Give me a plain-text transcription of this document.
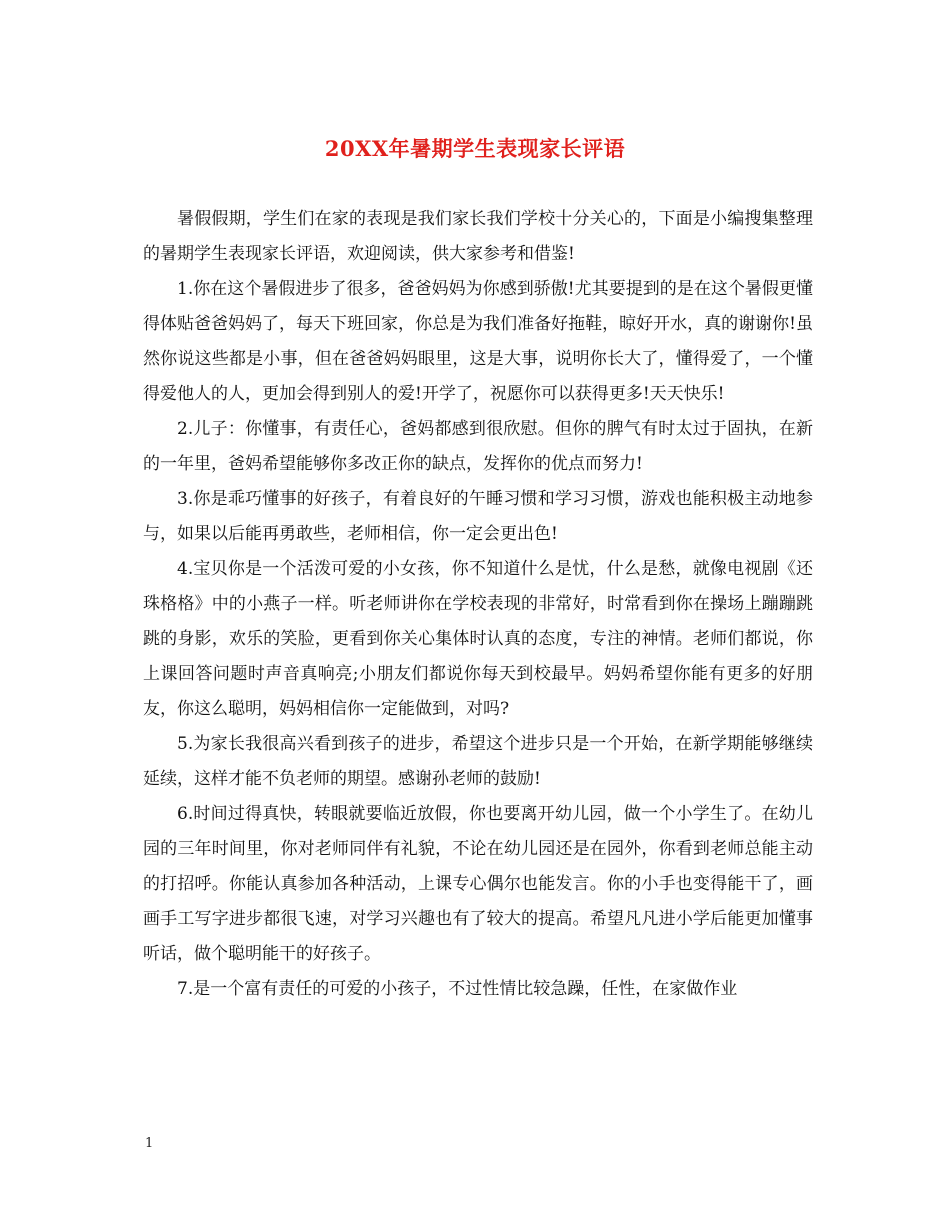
20XX年暑期学生表现家长评语

暑假假期，学生们在家的表现是我们家长我们学校十分关心的，下面是小编搜集整理的暑期学生表现家长评语，欢迎阅读，供大家参考和借鉴!

1.你在这个暑假进步了很多，爸爸妈妈为你感到骄傲!尤其要提到的是在这个暑假更懂得体贴爸爸妈妈了，每天下班回家，你总是为我们准备好拖鞋，晾好开水，真的谢谢你!虽然你说这些都是小事，但在爸爸妈妈眼里，这是大事，说明你长大了，懂得爱了，一个懂得爱他人的人，更加会得到别人的爱!开学了，祝愿你可以获得更多!天天快乐!

2.儿子：你懂事，有责任心，爸妈都感到很欣慰。但你的脾气有时太过于固执，在新的一年里，爸妈希望能够你多改正你的缺点，发挥你的优点而努力!

3.你是乖巧懂事的好孩子，有着良好的午睡习惯和学习习惯，游戏也能积极主动地参与，如果以后能再勇敢些，老师相信，你一定会更出色!

4.宝贝你是一个活泼可爱的小女孩，你不知道什么是忧，什么是愁，就像电视剧《还珠格格》中的小燕子一样。听老师讲你在学校表现的非常好，时常看到你在操场上蹦蹦跳跳的身影，欢乐的笑脸，更看到你关心集体时认真的态度，专注的神情。老师们都说，你上课回答问题时声音真响亮;小朋友们都说你每天到校最早。妈妈希望你能有更多的好朋友，你这么聪明，妈妈相信你一定能做到，对吗?

5.为家长我很高兴看到孩子的进步，希望这个进步只是一个开始，在新学期能够继续延续，这样才能不负老师的期望。感谢孙老师的鼓励!

6.时间过得真快，转眼就要临近放假，你也要离开幼儿园，做一个小学生了。在幼儿园的三年时间里，你对老师同伴有礼貌，不论在幼儿园还是在园外，你看到老师总能主动的打招呼。你能认真参加各种活动，上课专心偶尔也能发言。你的小手也变得能干了，画画手工写字进步都很飞速，对学习兴趣也有了较大的提高。希望凡凡进小学后能更加懂事听话，做个聪明能干的好孩子。

7.是一个富有责任的可爱的小孩子，不过性情比较急躁，任性，在家做作业

1
